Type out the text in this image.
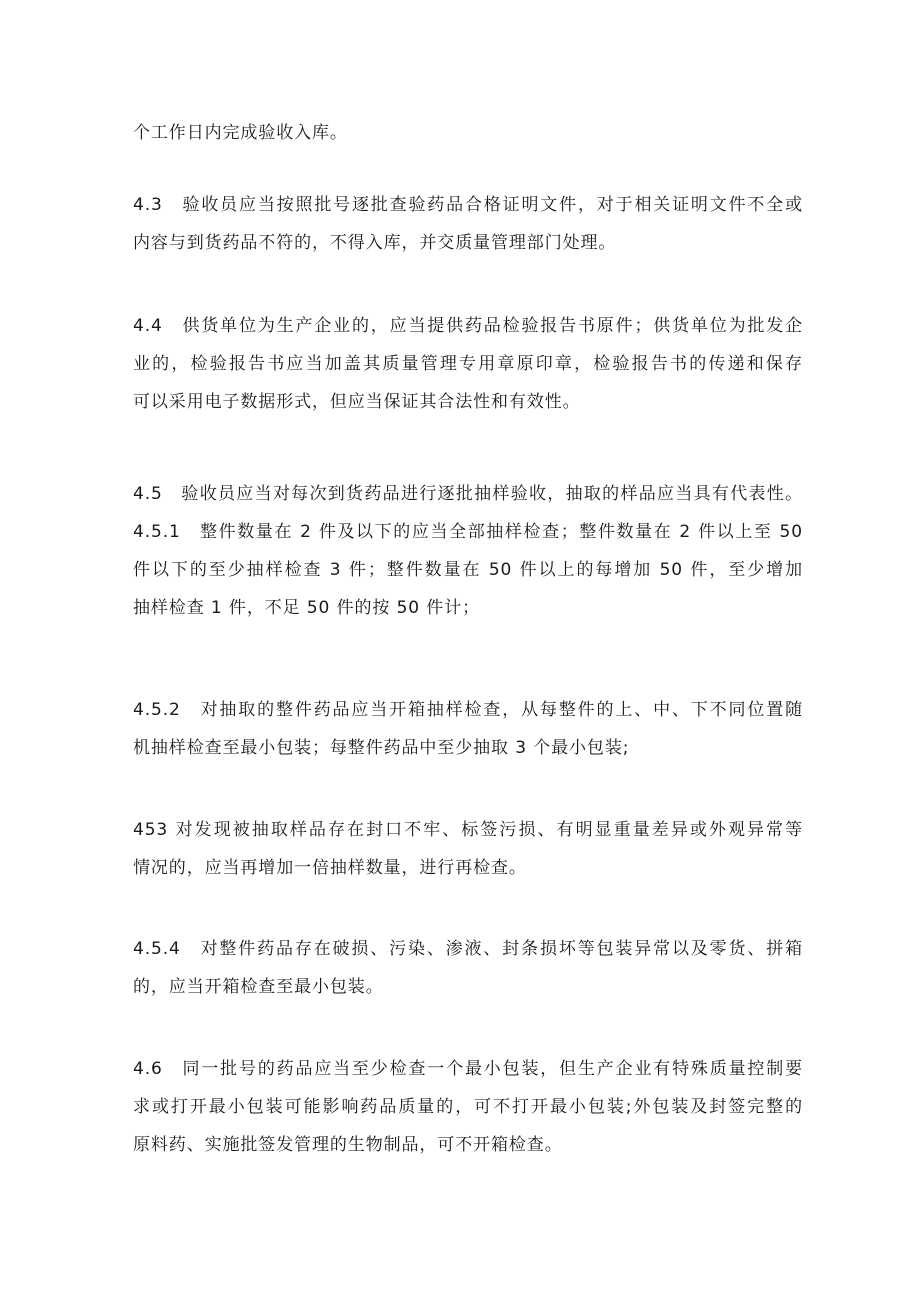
个工作日内完成验收入库。
4.3　验收员应当按照批号逐批查验药品合格证明文件，对于相关证明文件不全或
内容与到货药品不符的，不得入库，并交质量管理部门处理。
4.4　供货单位为生产企业的，应当提供药品检验报告书原件；供货单位为批发企
业的，检验报告书应当加盖其质量管理专用章原印章，检验报告书的传递和保存
可以采用电子数据形式，但应当保证其合法性和有效性。
4.5　验收员应当对每次到货药品进行逐批抽样验收，抽取的样品应当具有代表性。
4.5.1　整件数量在 2 件及以下的应当全部抽样检查；整件数量在 2 件以上至 50
件以下的至少抽样检查 3 件；整件数量在 50 件以上的每增加 50 件，至少增加
抽样检查 1 件，不足 50 件的按 50 件计；
4.5.2　对抽取的整件药品应当开箱抽样检查，从每整件的上、中、下不同位置随
机抽样检查至最小包装；每整件药品中至少抽取 3 个最小包装;
453 对发现被抽取样品存在封口不牢、标签污损、有明显重量差异或外观异常等
情况的，应当再增加一倍抽样数量，进行再检查。
4.5.4　对整件药品存在破损、污染、渗液、封条损坏等包装异常以及零货、拼箱
的，应当开箱检查至最小包装。
4.6　同一批号的药品应当至少检查一个最小包装，但生产企业有特殊质量控制要
求或打开最小包装可能影响药品质量的，可不打开最小包装;外包装及封签完整的
原料药、实施批签发管理的生物制品，可不开箱检查。
